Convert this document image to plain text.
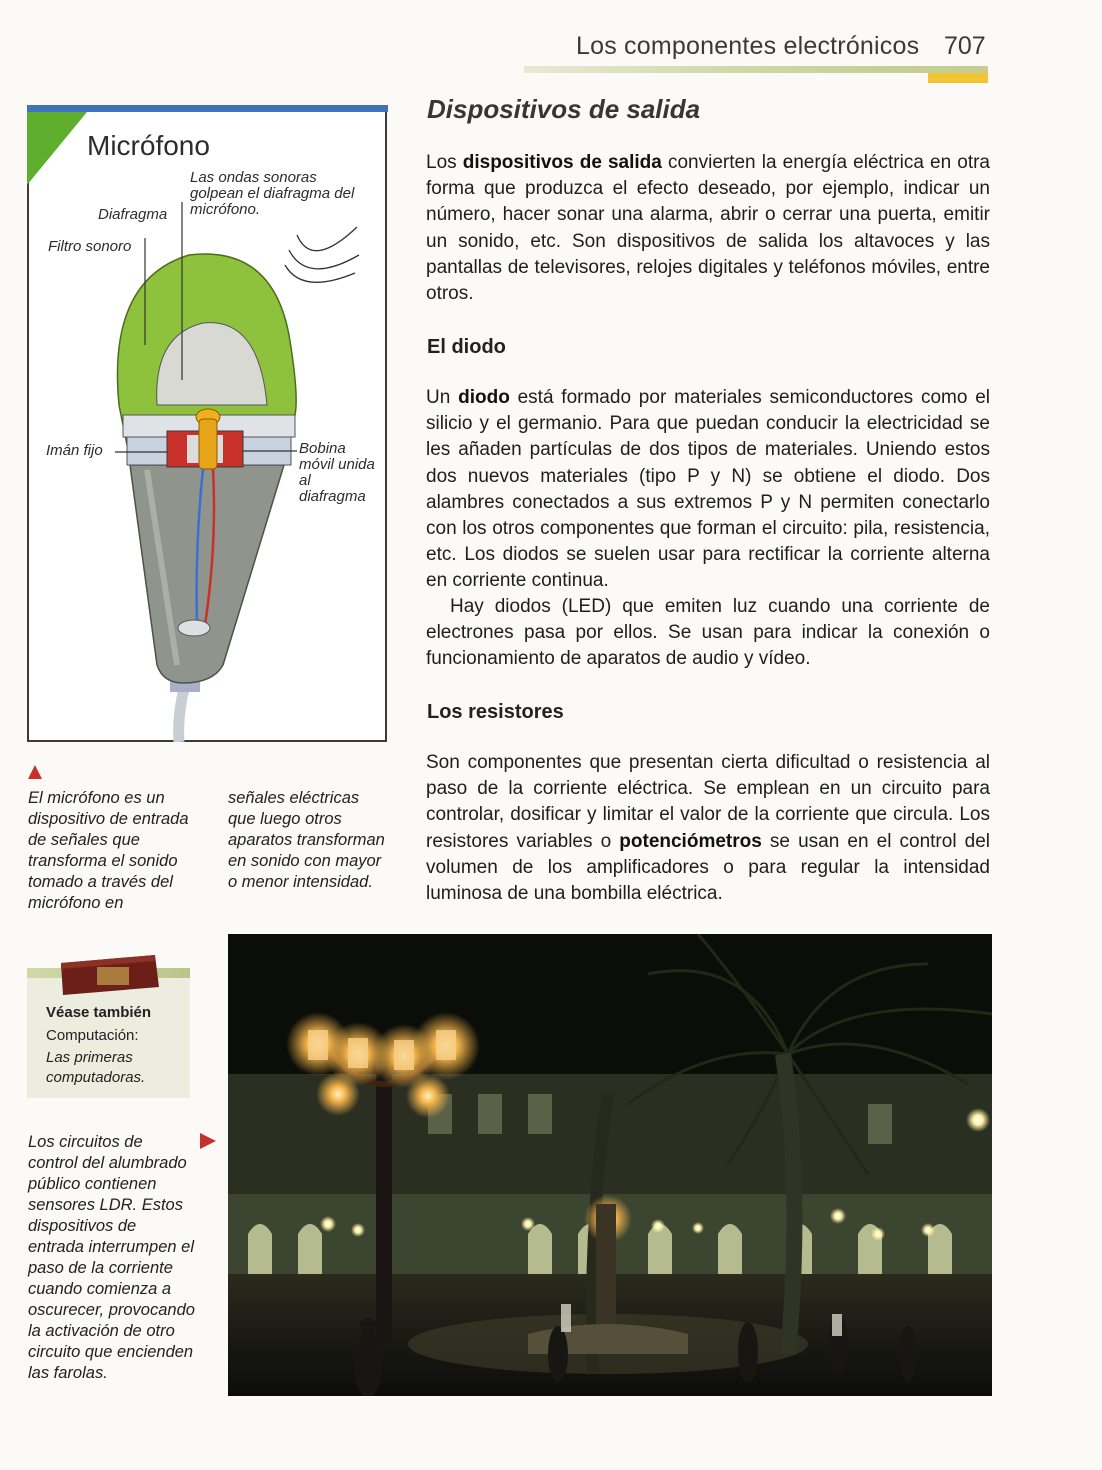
Los componentes electrónicos 707
Dispositivos de salida
Los dispositivos de salida convierten la energía eléctrica en otra forma que produzca el efecto deseado, por ejemplo, indicar un número, hacer sonar una alarma, abrir o cerrar una puerta, emitir un sonido, etc. Son dispositivos de salida los altavoces y las pantallas de televisores, relojes digitales y teléfonos móviles, entre otros.
El diodo
Un diodo está formado por materiales semiconductores como el silicio y el germanio. Para que puedan conducir la electricidad se les añaden partículas de dos tipos de materiales. Uniendo estos dos nuevos materiales (tipo P y N) se obtiene el diodo. Dos alambres conectados a sus extremos P y N permiten conectarlo con los otros componentes que forman el circuito: pila, resistencia, etc. Los diodos se suelen usar para rectificar la corriente alterna en corriente continua.
Hay diodos (LED) que emiten luz cuando una corriente de electrones pasa por ellos. Se usan para indicar la conexión o funcionamiento de aparatos de audio y vídeo.
Los resistores
Son componentes que presentan cierta dificultad o resistencia al paso de la corriente eléctrica. Se emplean en un circuito para controlar, dosificar y limitar el valor de la corriente que circula. Los resistores variables o potenciómetros se usan en el control del volumen de los amplificadores o para regular la intensidad luminosa de una bombilla eléctrica.
Micrófono
Las ondas sonoras golpean el diafragma del micrófono.
Diafragma
Filtro sonoro
Imán fijo	Bobina móvil unida al diafragma
El micrófono es un dispositivo de entrada de señales que transforma el sonido tomado a través del micrófono en
señales eléctricas que luego otros aparatos transforman en sonido con mayor o menor intensidad.
Véase también
Computación:
Las primeras computadoras.
Los circuitos de control del alumbrado público contienen sensores LDR. Estos dispositivos de entrada interrumpen el paso de la corriente cuando comienza a oscurecer, provocando la activación de otro circuito que encienden las farolas.
